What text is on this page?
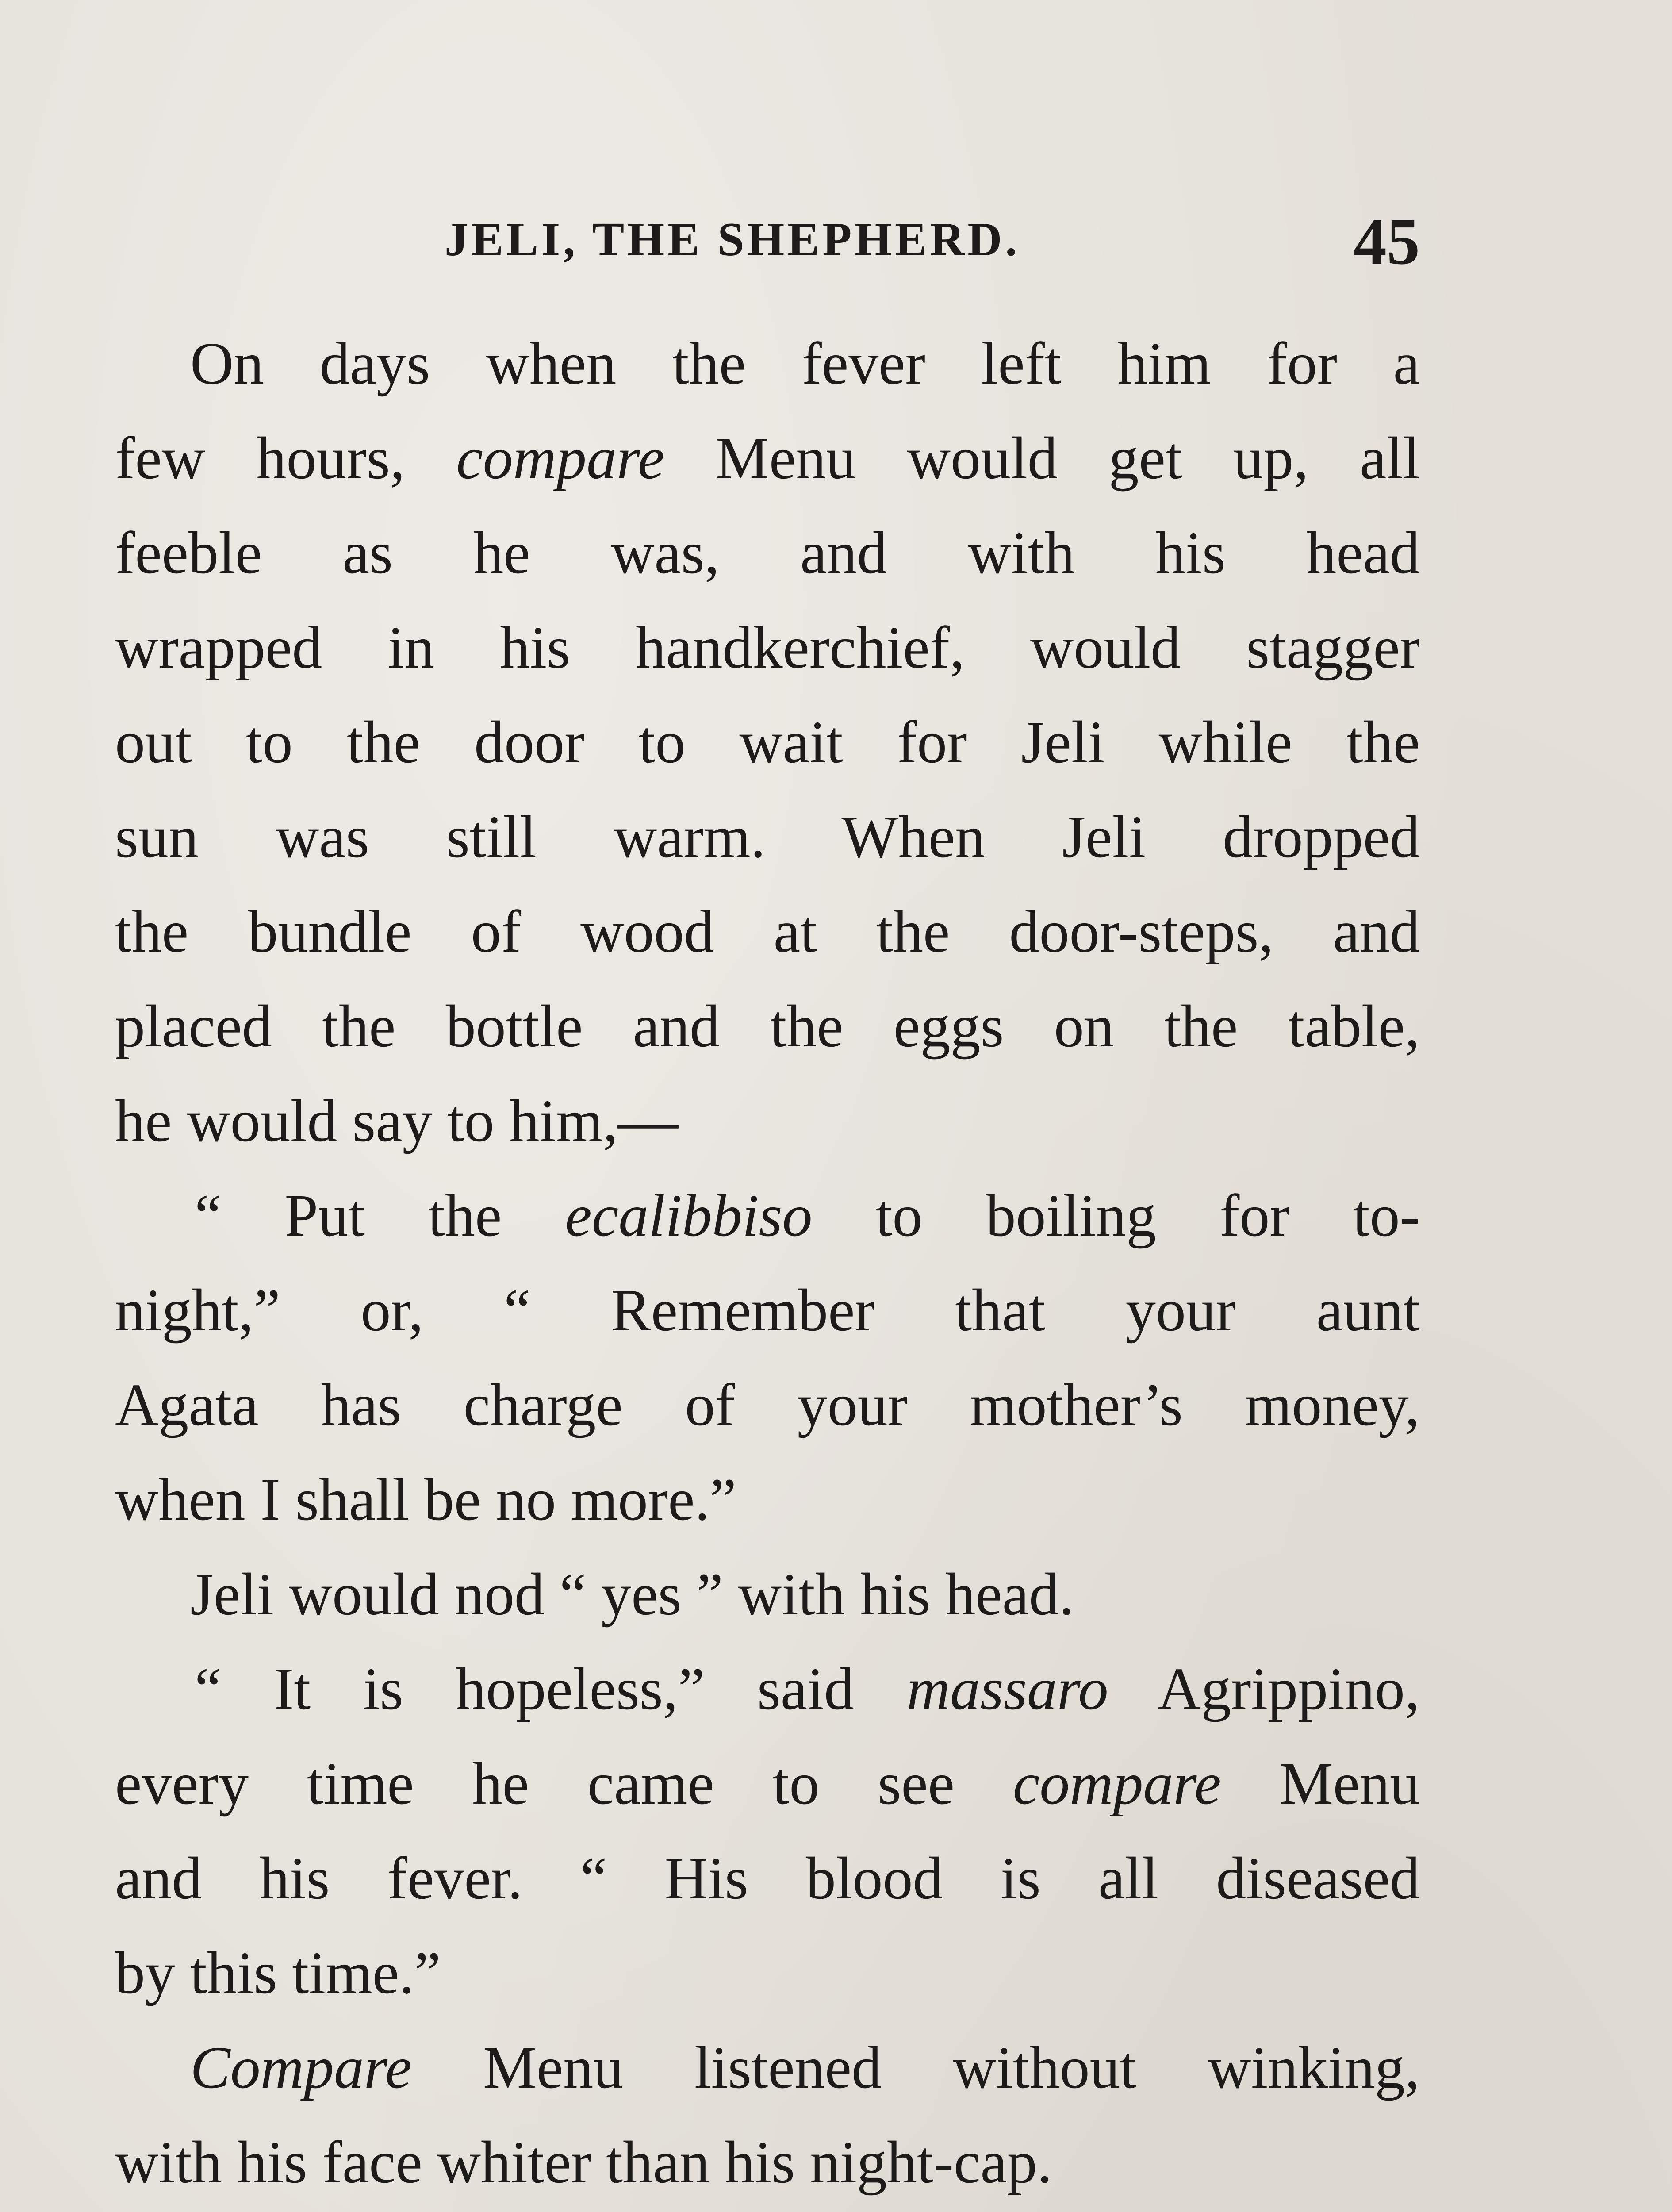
JELI, THE SHEPHERD.	45
On days when the fever left him for a
few hours, compare Menu would get up, all
feeble as he was, and with his head
wrapped in his handkerchief, would stagger
out to the door to wait for Jeli while the
sun was still warm. When Jeli dropped
the bundle of wood at the door-steps, and
placed the bottle and the eggs on the table,
he would say to him,—
“ Put the ecalibbiso to boiling for to-
night,” or, “ Remember that your aunt
Agata has charge of your mother’s money,
when I shall be no more.”
Jeli would nod “ yes ” with his head.
“ It is hopeless,” said massaro Agrippino,
every time he came to see compare Menu
and his fever. “ His blood is all diseased
by this time.”
Compare Menu listened without winking,
with his face whiter than his night-cap.
